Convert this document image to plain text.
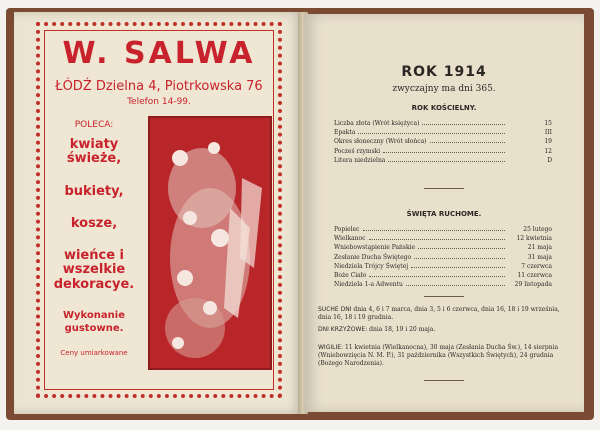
W. SALWA
ŁÓDŹ Dzielna 4, Piotrkowska 76
Telefon 14-99.
POLECA:
kwiaty świeże,
bukiety,
kosze,
wieńce i wszelkie dekoracye.
Wykonanie gustowne.
Ceny umiarkowane
ROK 1914
zwyczajny ma dni 365.
ROK KOŚCIELNY.
Liczba złota (Wrót księżyca)	15
Epakta	III
Okres słoneczny (Wrót słońca)	19
Pocześ rzymski	12
Litera niedzielna	D
ŚWIĘTA RUCHOME.
Popielec	25 lutego
Wielkanoc	12 kwietnia
Wniebowstąpienie Pańskie	21 maja
Zesłanie Ducha Świętego	31 maja
Niedziela Trójcy Świętej	7 czerwca
Boże Ciało	11 czerwca
Niedziela 1-a Adwentu	29 listopada
SUCHE DNI dnia 4, 6 i 7 marca, dnia 3, 5 i 6 czerwca, dnia 16, 18 i 19 września, dnia 16, 18 i 19 grudnia.
DNI KRZYŻOWE: dnia 18, 19 i 20 maja.
WIGILIE: 11 kwietnia (Wielkanocna), 30 maja (Zesłania Ducha Św.), 14 sierpnia (Wniebowzięcia N. M. P.), 31 października (Wszystkich Świętych), 24 grudnia (Bożego Narodzenia).
